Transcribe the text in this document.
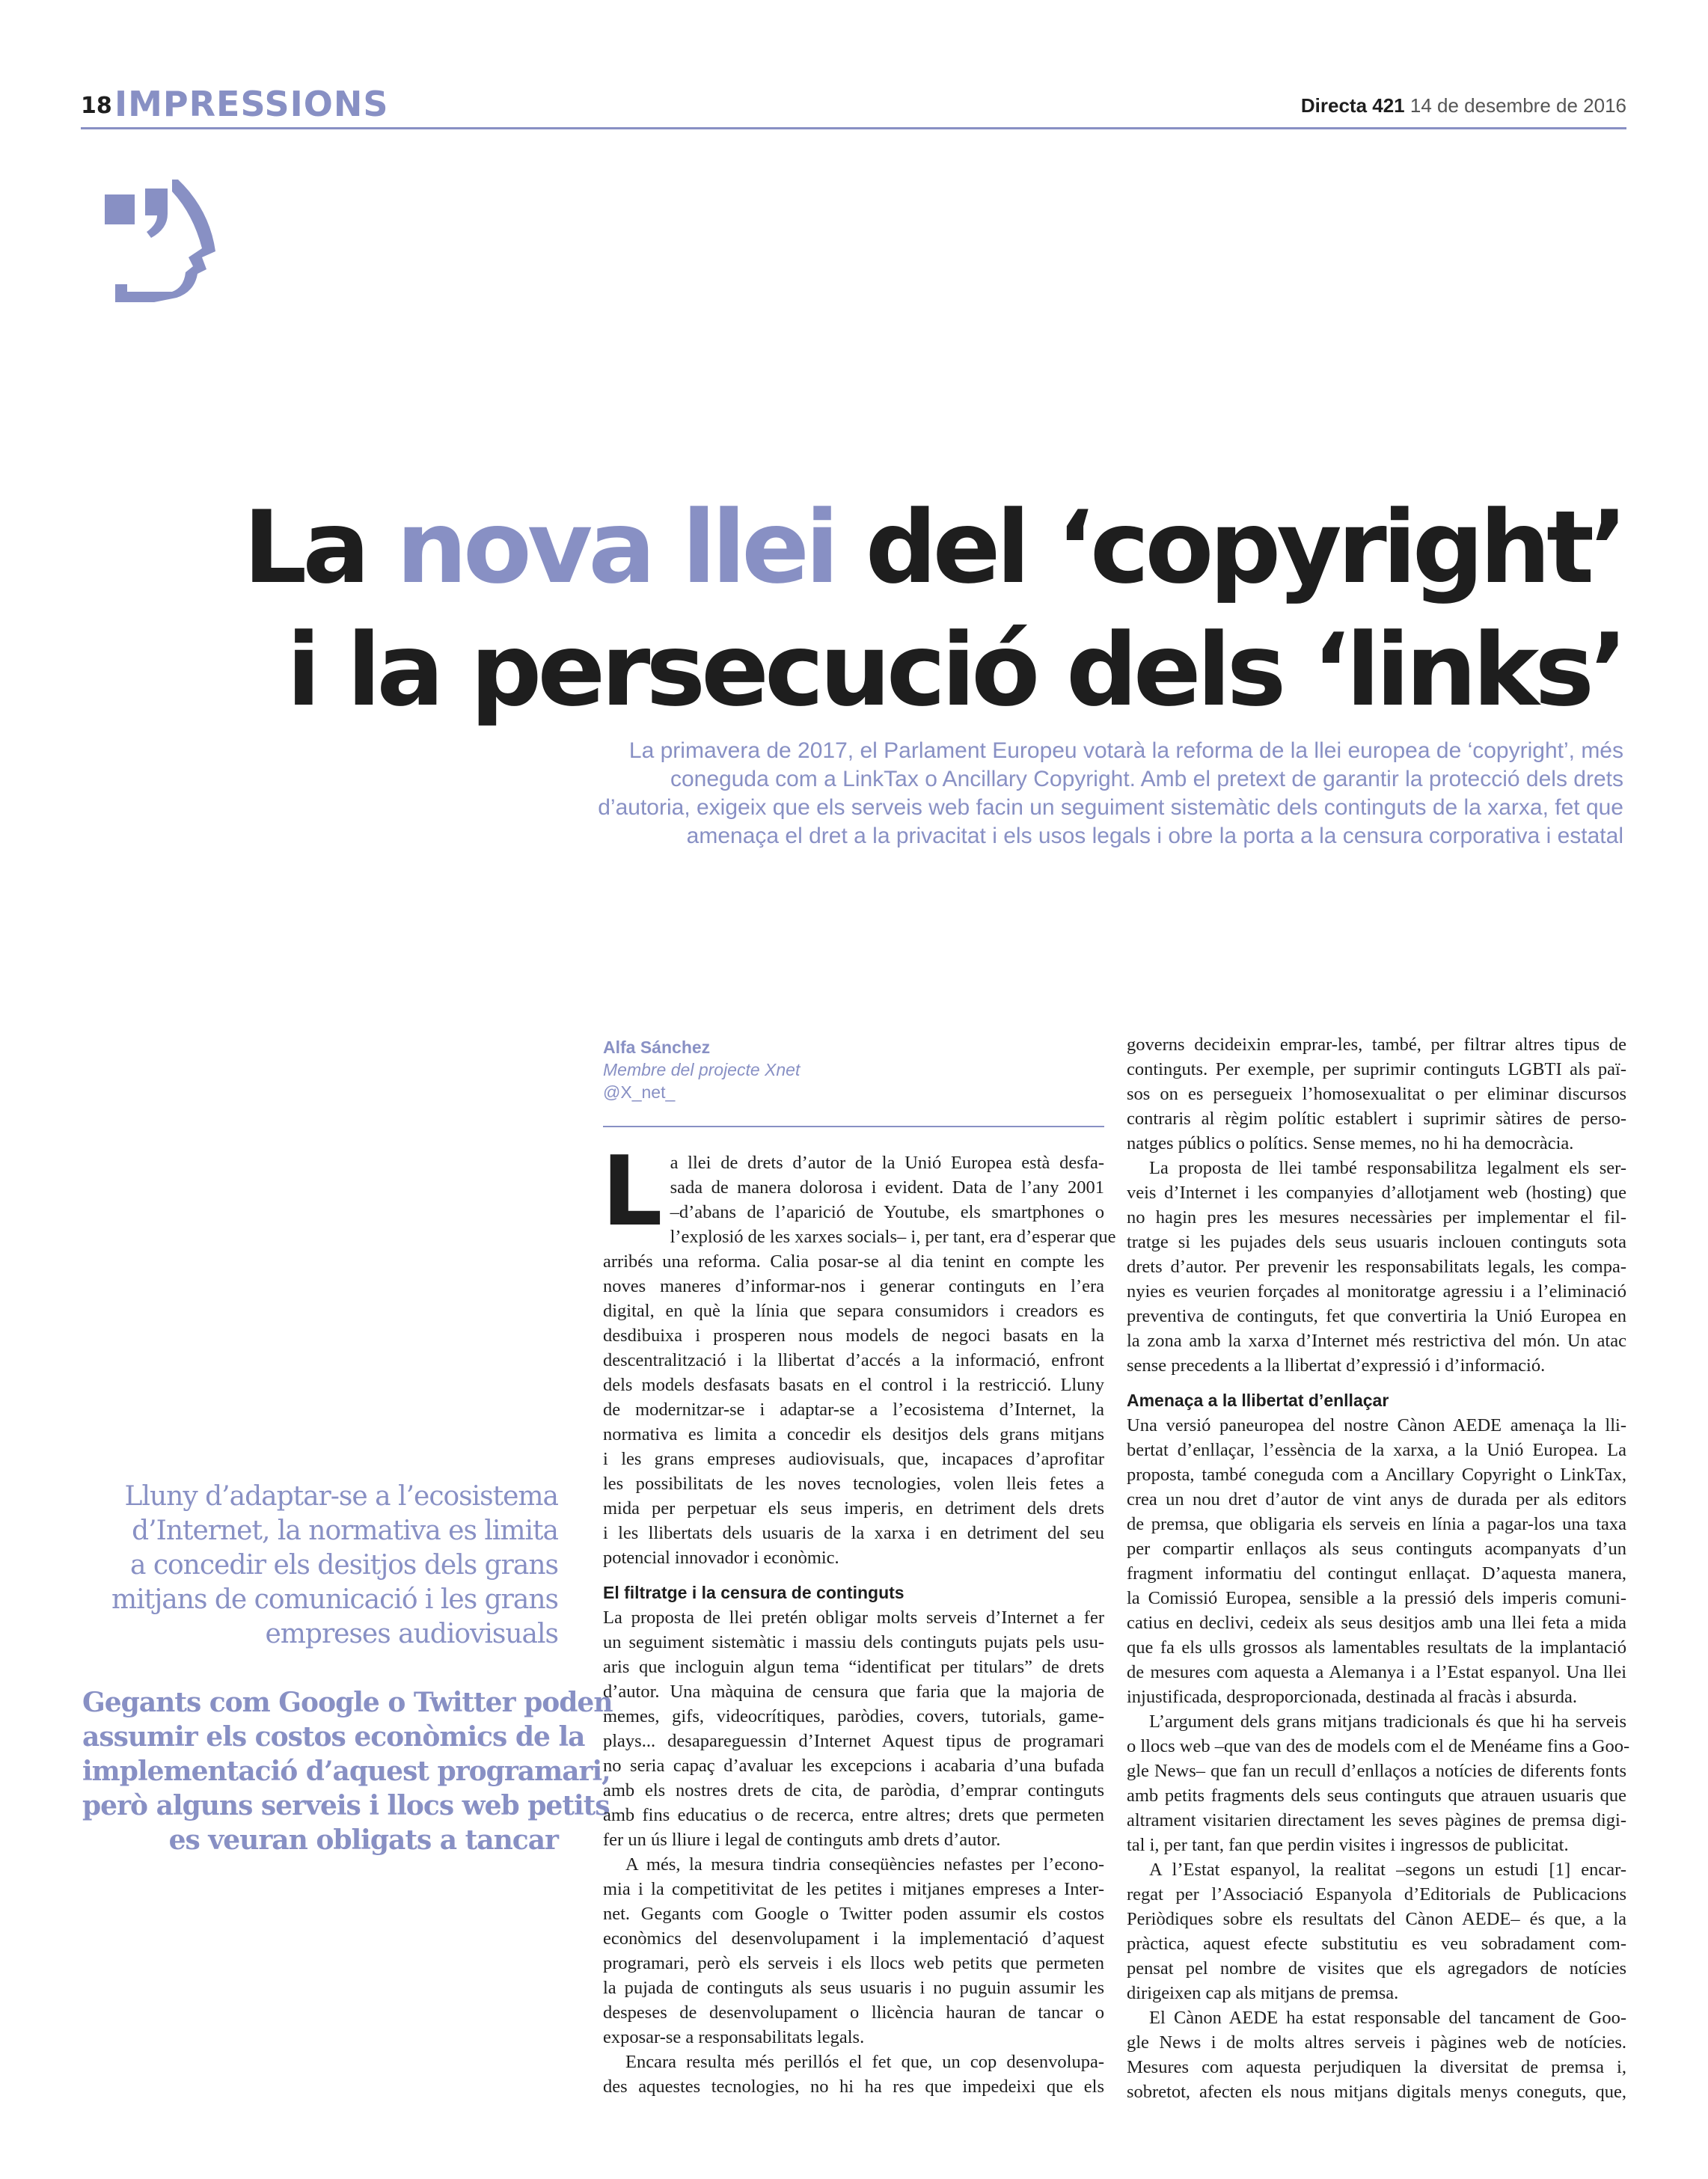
18 IMPRESSIONS	Directa 421 14 de desembre de 2016
La nova llei del ‘copyright’
i la persecució dels ‘links’
La primavera de 2017, el Parlament Europeu votarà la reforma de la llei europea de ‘copyright’, més
coneguda com a LinkTax o Ancillary Copyright. Amb el pretext de garantir la protecció dels drets
d’autoria, exigeix que els serveis web facin un seguiment sistemàtic dels continguts de la xarxa, fet que
amenaça el dret a la privacitat i els usos legals i obre la porta a la censura corporativa i estatal
Alfa Sánchez
Membre del projecte Xnet
@X_net_
Lluny d’adaptar-se a l’ecosistema
d’Internet, la normativa es limita
a concedir els desitjos dels grans
mitjans de comunicació i les grans
empreses audiovisuals
Gegants com Google o Twitter poden
assumir els costos econòmics de la
implementació d’aquest programari,
però alguns serveis i llocs web petits
es veuran obligats a tancar
L a llei de drets d’autor de la Unió Europea està desfa-
sada de manera dolorosa i evident. Data de l’any 2001
–d’abans de l’aparició de Youtube, els smartphones o
l’explosió de les xarxes socials– i, per tant, era d’esperar que
arribés una reforma. Calia posar-se al dia tenint en compte les
noves maneres d’informar-nos i generar continguts en l’era
digital, en què la línia que separa consumidors i creadors es
desdibuixa i prosperen nous models de negoci basats en la
descentralització i la llibertat d’accés a la informació, enfront
dels models desfasats basats en el control i la restricció. Lluny
de modernitzar-se i adaptar-se a l’ecosistema d’Internet, la
normativa es limita a concedir els desitjos dels grans mitjans
i les grans empreses audiovisuals, que, incapaces d’aprofitar
les possibilitats de les noves tecnologies, volen lleis fetes a
mida per perpetuar els seus imperis, en detriment dels drets
i les llibertats dels usuaris de la xarxa i en detriment del seu
potencial innovador i econòmic.
El filtratge i la censura de continguts
La proposta de llei pretén obligar molts serveis d’Internet a fer
un seguiment sistemàtic i massiu dels continguts pujats pels usu-
aris que incloguin algun tema “identificat per titulars” de drets
d’autor. Una màquina de censura que faria que la majoria de
memes, gifs, videocrítiques, paròdies, covers, tutorials, game-
plays... desapareguessin d’Internet Aquest tipus de programari
no seria capaç d’avaluar les excepcions i acabaria d’una bufada
amb els nostres drets de cita, de paròdia, d’emprar continguts
amb fins educatius o de recerca, entre altres; drets que permeten
fer un ús lliure i legal de continguts amb drets d’autor.
A més, la mesura tindria conseqüències nefastes per l’econo-
mia i la competitivitat de les petites i mitjanes empreses a Inter-
net. Gegants com Google o Twitter poden assumir els costos
econòmics del desenvolupament i la implementació d’aquest
programari, però els serveis i els llocs web petits que permeten
la pujada de continguts als seus usuaris i no puguin assumir les
despeses de desenvolupament o llicència hauran de tancar o
exposar-se a responsabilitats legals.
Encara resulta més perillós el fet que, un cop desenvolupa-
des aquestes tecnologies, no hi ha res que impedeixi que els
governs decideixin emprar-les, també, per filtrar altres tipus de
continguts. Per exemple, per suprimir continguts LGBTI als paï-
sos on es persegueix l’homosexualitat o per eliminar discursos
contraris al règim polític establert i suprimir sàtires de perso-
natges públics o polítics. Sense memes, no hi ha democràcia.
La proposta de llei també responsabilitza legalment els ser-
veis d’Internet i les companyies d’allotjament web (hosting) que
no hagin pres les mesures necessàries per implementar el fil-
tratge si les pujades dels seus usuaris inclouen continguts sota
drets d’autor. Per prevenir les responsabilitats legals, les compa-
nyies es veurien forçades al monitoratge agressiu i a l’eliminació
preventiva de continguts, fet que convertiria la Unió Europea en
la zona amb la xarxa d’Internet més restrictiva del món. Un atac
sense precedents a la llibertat d’expressió i d’informació.
Amenaça a la llibertat d’enllaçar
Una versió paneuropea del nostre Cànon AEDE amenaça la lli-
bertat d’enllaçar, l’essència de la xarxa, a la Unió Europea. La
proposta, també coneguda com a Ancillary Copyright o LinkTax,
crea un nou dret d’autor de vint anys de durada per als editors
de premsa, que obligaria els serveis en línia a pagar-los una taxa
per compartir enllaços als seus continguts acompanyats d’un
fragment informatiu del contingut enllaçat. D’aquesta manera,
la Comissió Europea, sensible a la pressió dels imperis comuni-
catius en declivi, cedeix als seus desitjos amb una llei feta a mida
que fa els ulls grossos als lamentables resultats de la implantació
de mesures com aquesta a Alemanya i a l’Estat espanyol. Una llei
injustificada, desproporcionada, destinada al fracàs i absurda.
L’argument dels grans mitjans tradicionals és que hi ha serveis
o llocs web –que van des de models com el de Menéame fins a Goo-
gle News– que fan un recull d’enllaços a notícies de diferents fonts
amb petits fragments dels seus continguts que atrauen usuaris que
altrament visitarien directament les seves pàgines de premsa digi-
tal i, per tant, fan que perdin visites i ingressos de publicitat.
A l’Estat espanyol, la realitat –segons un estudi [1] encar-
regat per l’Associació Espanyola d’Editorials de Publicacions
Periòdiques sobre els resultats del Cànon AEDE– és que, a la
pràctica, aquest efecte substitutiu es veu sobradament com-
pensat pel nombre de visites que els agregadors de notícies
dirigeixen cap als mitjans de premsa.
El Cànon AEDE ha estat responsable del tancament de Goo-
gle News i de molts altres serveis i pàgines web de notícies.
Mesures com aquesta perjudiquen la diversitat de premsa i,
sobretot, afecten els nous mitjans digitals menys coneguts, que,
